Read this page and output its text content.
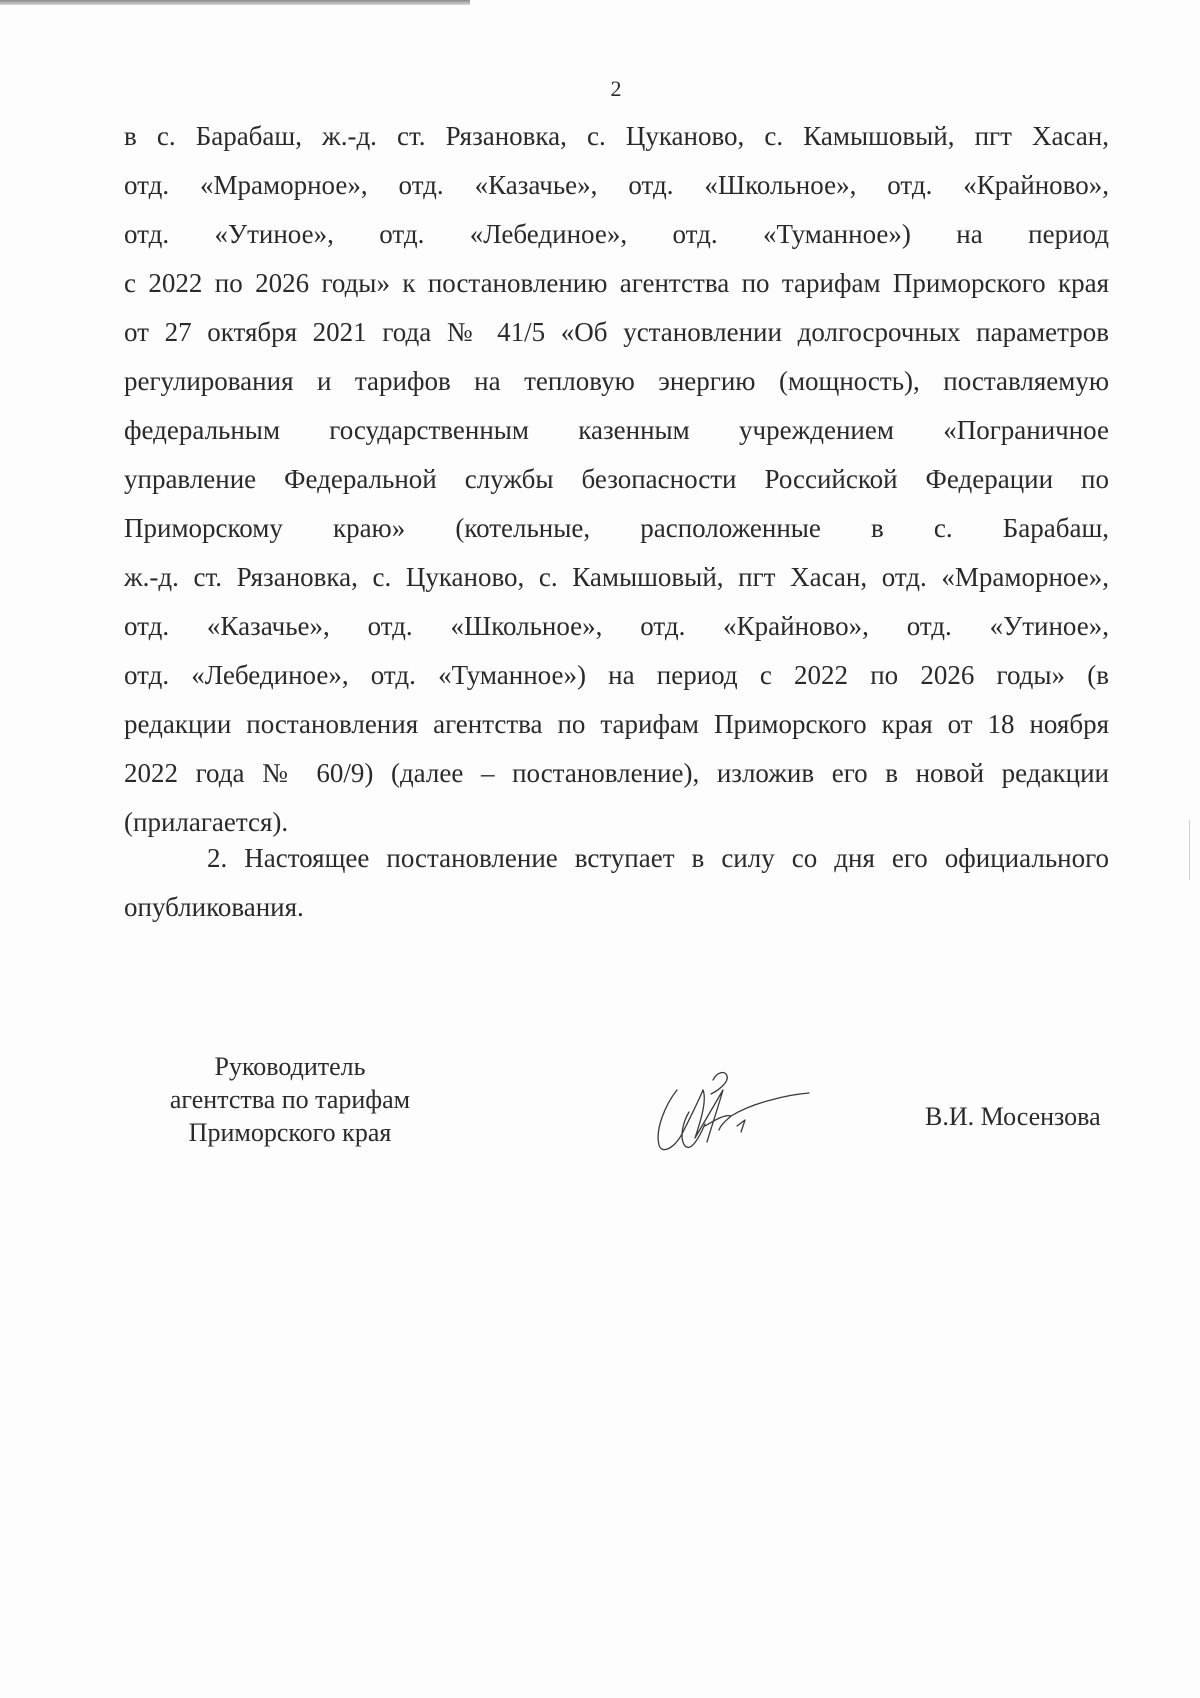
2

в с. Барабаш, ж.-д. ст. Рязановка, с. Цуканово, с. Камышовый, пгт Хасан,
отд. «Мраморное», отд. «Казачье», отд. «Школьное», отд. «Крайново»,
отд. «Утиное», отд. «Лебединое», отд. «Туманное») на период
с 2022 по 2026 годы» к постановлению агентства по тарифам Приморского края
от 27 октября 2021 года № 41/5 «Об установлении долгосрочных параметров
регулирования и тарифов на тепловую энергию (мощность), поставляемую
федеральным государственным казенным учреждением «Пограничное
управление Федеральной службы безопасности Российской Федерации по
Приморскому краю» (котельные, расположенные в с. Барабаш,
ж.-д. ст. Рязановка, с. Цуканово, с. Камышовый, пгт Хасан, отд. «Мраморное»,
отд. «Казачье», отд. «Школьное», отд. «Крайново», отд. «Утиное»,
отд. «Лебединое», отд. «Туманное») на период с 2022 по 2026 годы» (в
редакции постановления агентства по тарифам Приморского края от 18 ноября
2022 года № 60/9) (далее – постановление), изложив его в новой редакции
(прилагается).
2. Настоящее постановление вступает в силу со дня его официального
опубликования.
Руководитель
агентства по тарифам
Приморского края

В.И. Мосензова
